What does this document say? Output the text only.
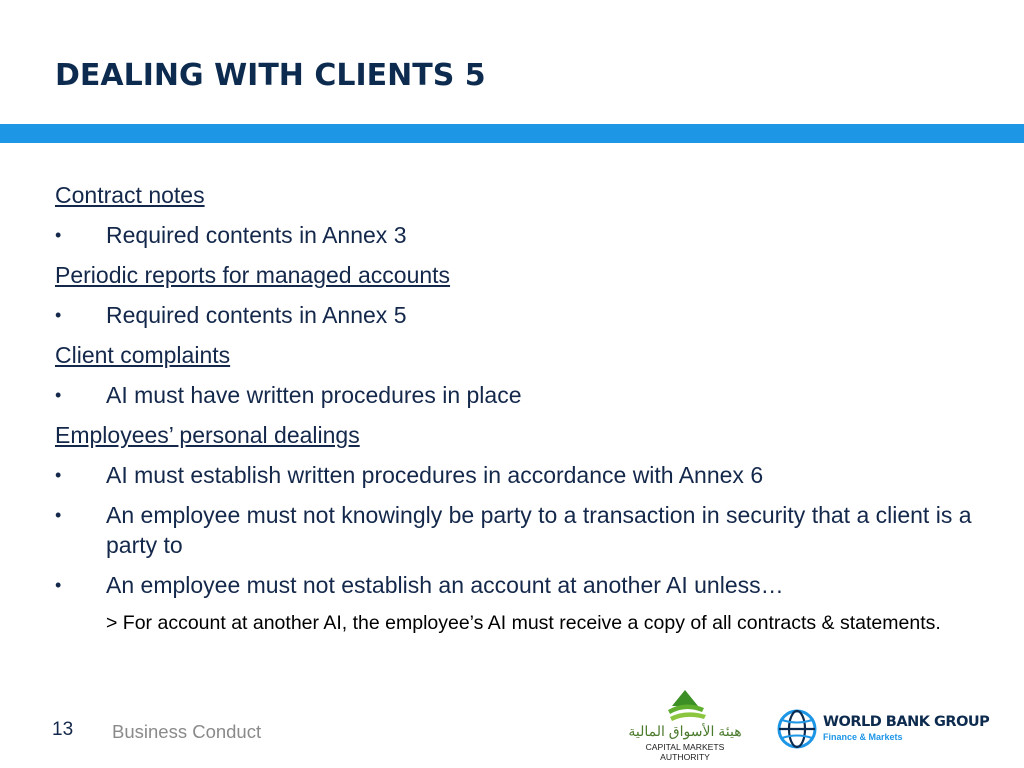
DEALING WITH CLIENTS 5

Contract notes

• Required contents in Annex 3

Periodic reports for managed accounts

• Required contents in Annex 5

Client complaints

• AI must have written procedures in place

Employees’ personal dealings

• AI must establish written procedures in accordance with Annex 6
• An employee must not knowingly be party to a transaction in security that a client is a party to
• An employee must not establish an account at another AI unless…
> For account at another AI, the employee’s AI must receive a copy of all contracts & statements.
13 Business Conduct	هيئة الأسواق المالية
CAPITAL MARKETS AUTHORITY
WORLD BANK GROUP
Finance & Markets
